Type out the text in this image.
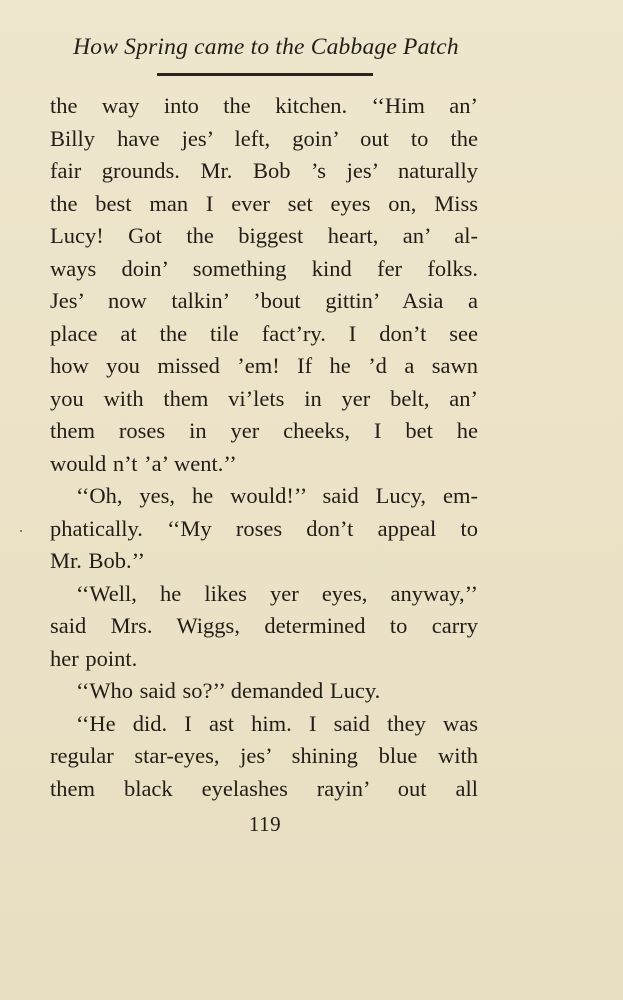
How Spring came to the Cabbage Patch
the way into the kitchen. ‘‘Him an’
Billy have jes’ left, goin’ out to the
fair grounds. Mr. Bob ’s jes’ naturally
the best man I ever set eyes on, Miss
Lucy! Got the biggest heart, an’ al-
ways doin’ something kind fer folks.
Jes’ now talkin’ ’bout gittin’ Asia a
place at the tile fact’ry. I don’t see
how you missed ’em! If he ’d a sawn
you with them vi’lets in yer belt, an’
them roses in yer cheeks, I bet he
would n’t ’a’ went.’’
‘‘Oh, yes, he would!’’ said Lucy, em-
phatically. ‘‘My roses don’t appeal to
Mr. Bob.’’
‘‘Well, he likes yer eyes, anyway,’’
said Mrs. Wiggs, determined to carry
her point.
‘‘Who said so?’’ demanded Lucy.
‘‘He did. I ast him. I said they was
regular star-eyes, jes’ shining blue with
them black eyelashes rayin’ out all
119
